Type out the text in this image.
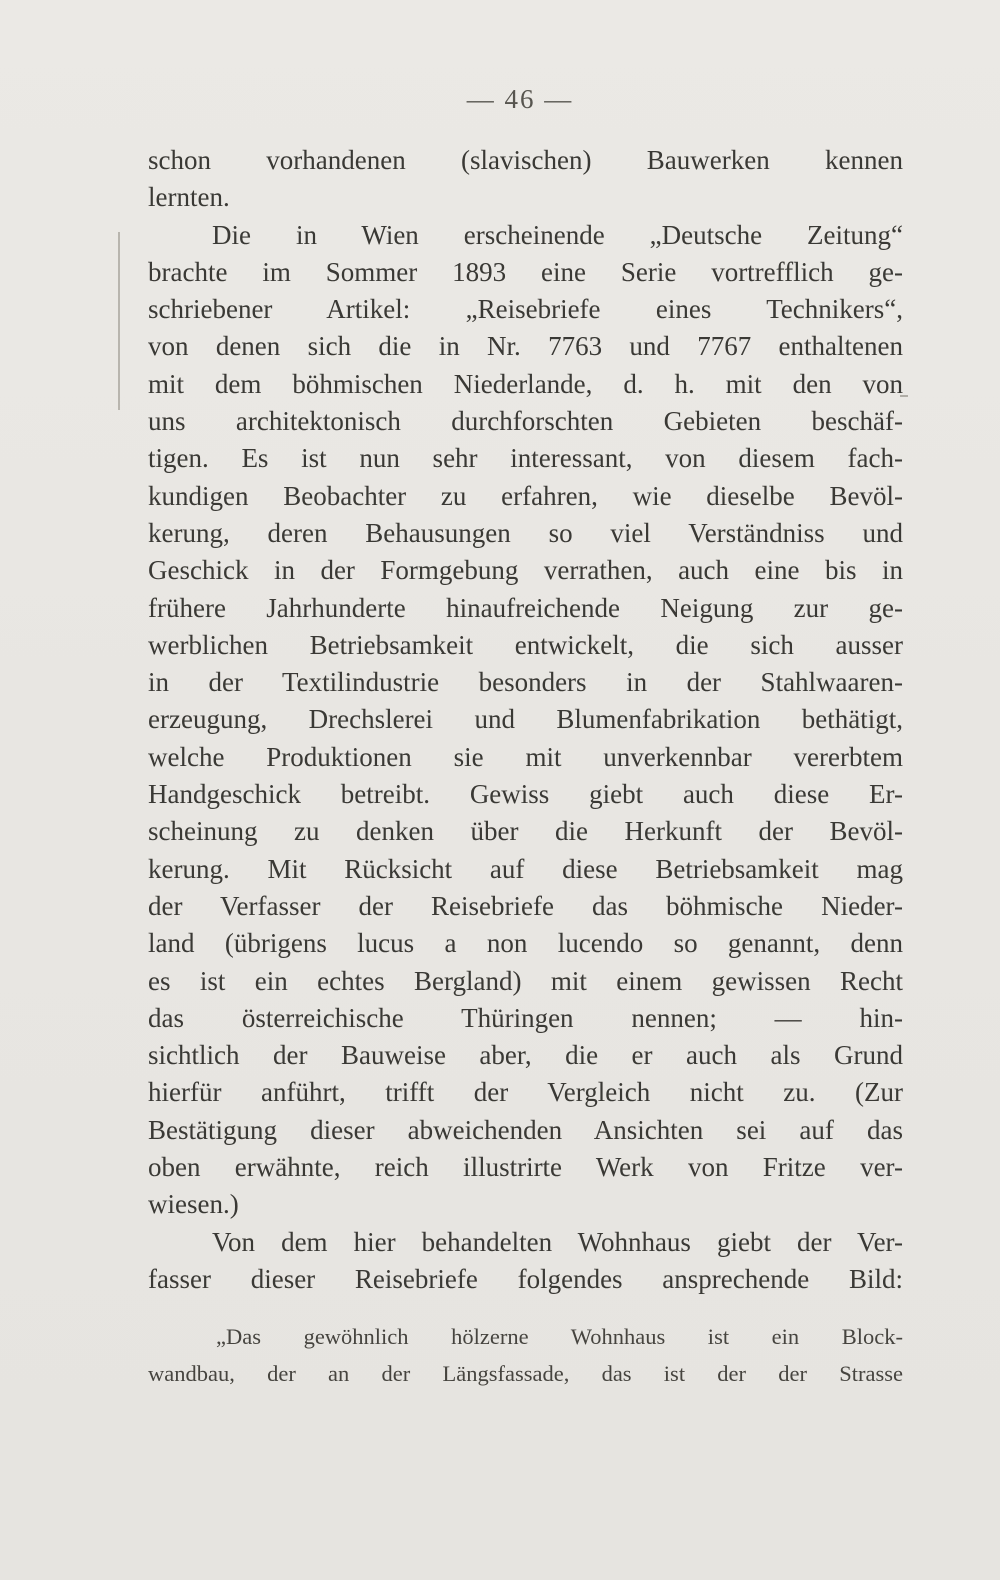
— 46 —
schon vorhandenen (slavischen) Bauwerken kennen
lernten.
Die in Wien erscheinende „Deutsche Zeitung“
brachte im Sommer 1893 eine Serie vortrefflich ge-
schriebener Artikel: „Reisebriefe eines Technikers“,
von denen sich die in Nr. 7763 und 7767 enthaltenen
mit dem böhmischen Niederlande, d. h. mit den von
uns architektonisch durchforschten Gebieten beschäf-
tigen. Es ist nun sehr interessant, von diesem fach-
kundigen Beobachter zu erfahren, wie dieselbe Bevöl-
kerung, deren Behausungen so viel Verständniss und
Geschick in der Formgebung verrathen, auch eine bis in
frühere Jahrhunderte hinaufreichende Neigung zur ge-
werblichen Betriebsamkeit entwickelt, die sich ausser
in der Textilindustrie besonders in der Stahlwaaren-
erzeugung, Drechslerei und Blumenfabrikation bethätigt,
welche Produktionen sie mit unverkennbar vererbtem
Handgeschick betreibt. Gewiss giebt auch diese Er-
scheinung zu denken über die Herkunft der Bevöl-
kerung. Mit Rücksicht auf diese Betriebsamkeit mag
der Verfasser der Reisebriefe das böhmische Nieder-
land (übrigens lucus a non lucendo so genannt, denn
es ist ein echtes Bergland) mit einem gewissen Recht
das österreichische Thüringen nennen; — hin-
sichtlich der Bauweise aber, die er auch als Grund
hierfür anführt, trifft der Vergleich nicht zu. (Zur
Bestätigung dieser abweichenden Ansichten sei auf das
oben erwähnte, reich illustrirte Werk von Fritze ver-
wiesen.)
Von dem hier behandelten Wohnhaus giebt der Ver-
fasser dieser Reisebriefe folgendes ansprechende Bild:
„Das gewöhnlich hölzerne Wohnhaus ist ein Block-
wandbau, der an der Längsfassade, das ist der der Strasse
